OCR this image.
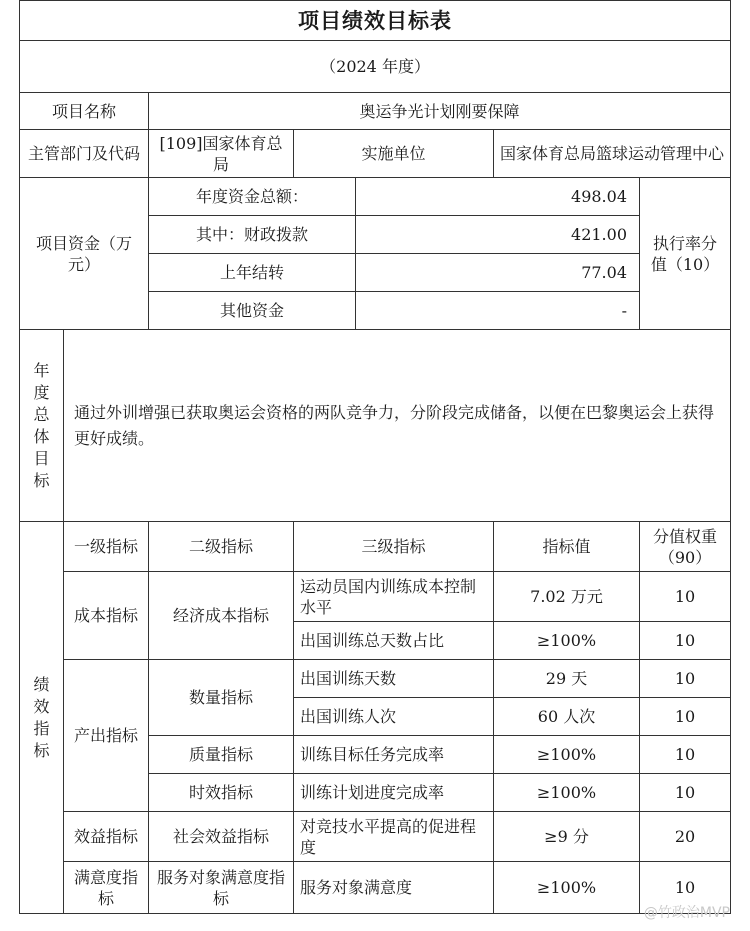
项目绩效目标表						
（2024 年度）						
项目名称		奥运争光计划刚要保障				
主管部门及代码		[109]国家体育总局	实施单位		国家体育总局篮球运动管理中心	
项目资金（万元）		年度资金总额：		498.04		执行率分值（10）
		其中：财政拨款		421.00		
		上年结转		77.04		
		其他资金		-		

年度总体目标	通过外训增强已获取奥运会资格的两队竞争力，分阶段完成储备，以便在巴黎奥运会上获得更好成绩。					

绩效指标	一级指标	二级指标	三级指标		指标值	分值权重（90）
	成本指标	经济成本指标	运动员国内训练成本控制水平		7.02 万元	10
			出国训练总天数占比		≥100%	10
	产出指标	数量指标	出国训练天数		29 天	10
			出国训练人次		60 人次	10
		质量指标	训练目标任务完成率		≥100%	10
		时效指标	训练计划进度完成率		≥100%	10
	效益指标	社会效益指标	对竞技水平提高的促进程度		≥9 分	20
	满意度指标	服务对象满意度指标	服务对象满意度		≥100%	10
@竹政治MVP
